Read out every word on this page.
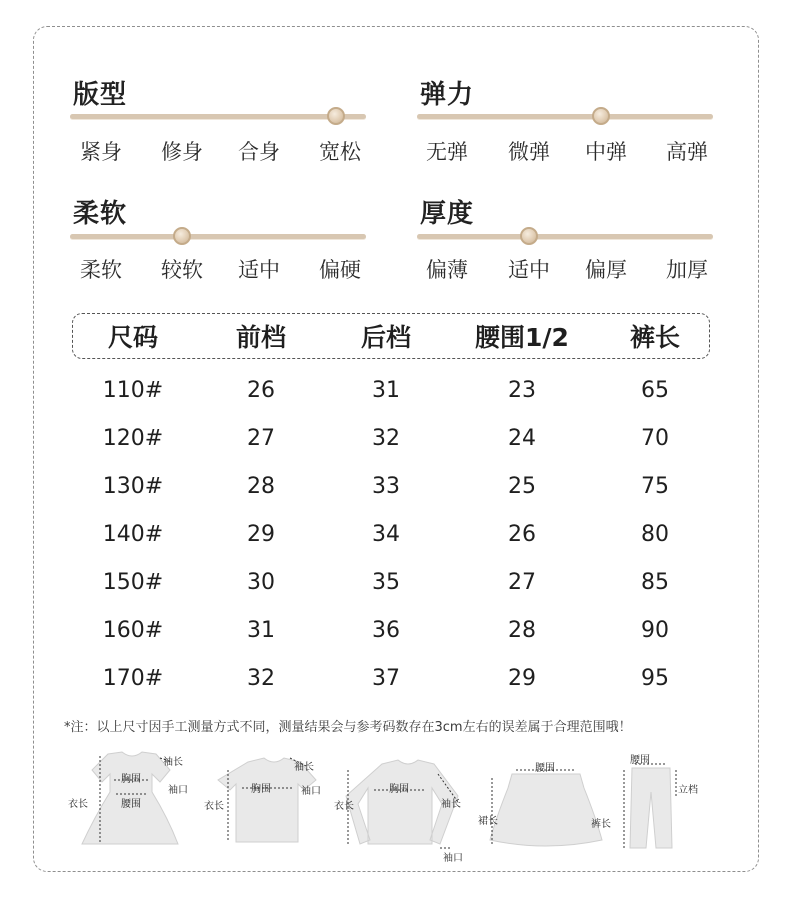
版型
紧身	修身	合身	宽松
弹力
无弹	微弹	中弹	高弹
柔软
柔软	较软	适中	偏硬
厚度
偏薄	适中	偏厚	加厚
尺码	前档	后档	腰围1/2	裤长
110#	26	31	23	65
120#	27	32	24	70
130#	28	33	25	75
140#	29	34	26	80
150#	30	35	27	85
160#	31	36	28	90
170#	32	37	29	95
*注：以上尺寸因手工测量方式不同，测量结果会与参考码数存在3cm左右的误差属于合理范围哦！
袖长
袖口
衣长
胸围
腰围
袖长
袖口
衣长
胸围
袖长
袖口
衣长
胸围
腰围
裙长
腰围
立档
裤长
